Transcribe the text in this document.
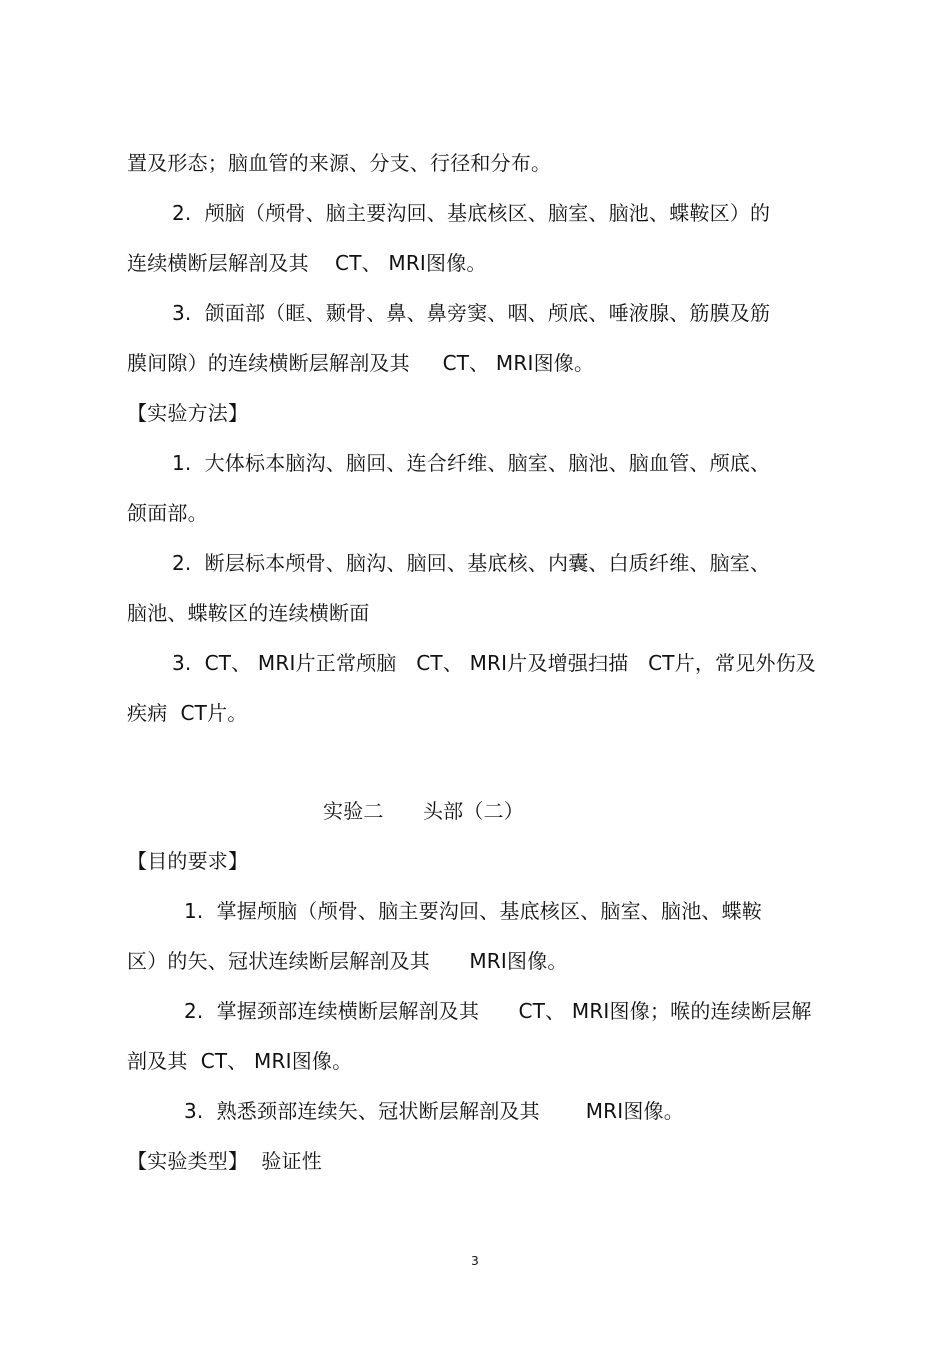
置及形态；脑血管的来源、分支、行径和分布。
2.  颅脑（颅骨、脑主要沟回、基底核区、脑室、脑池、蝶鞍区）的
连续横断层解剖及其    CT、 MRI图像。
3.  颌面部（眶、颞骨、鼻、鼻旁窦、咽、颅底、唾液腺、筋膜及筋
膜间隙）的连续横断层解剖及其     CT、 MRI图像。
【实验方法】
1.  大体标本脑沟、脑回、连合纤维、脑室、脑池、脑血管、颅底、
颌面部。
2.  断层标本颅骨、脑沟、脑回、基底核、内囊、白质纤维、脑室、
脑池、蝶鞍区的连续横断面
3.  CT、 MRI片正常颅脑   CT、 MRI片及增强扫描   CT片，常见外伤及
疾病  CT片。
实验二      头部（二）
【目的要求】
1.  掌握颅脑（颅骨、脑主要沟回、基底核区、脑室、脑池、蝶鞍
区）的矢、冠状连续断层解剖及其      MRI图像。
2.  掌握颈部连续横断层解剖及其      CT、 MRI图像；喉的连续断层解
剖及其  CT、 MRI图像。
3.  熟悉颈部连续矢、冠状断层解剖及其       MRI图像。
【实验类型】  验证性
3
